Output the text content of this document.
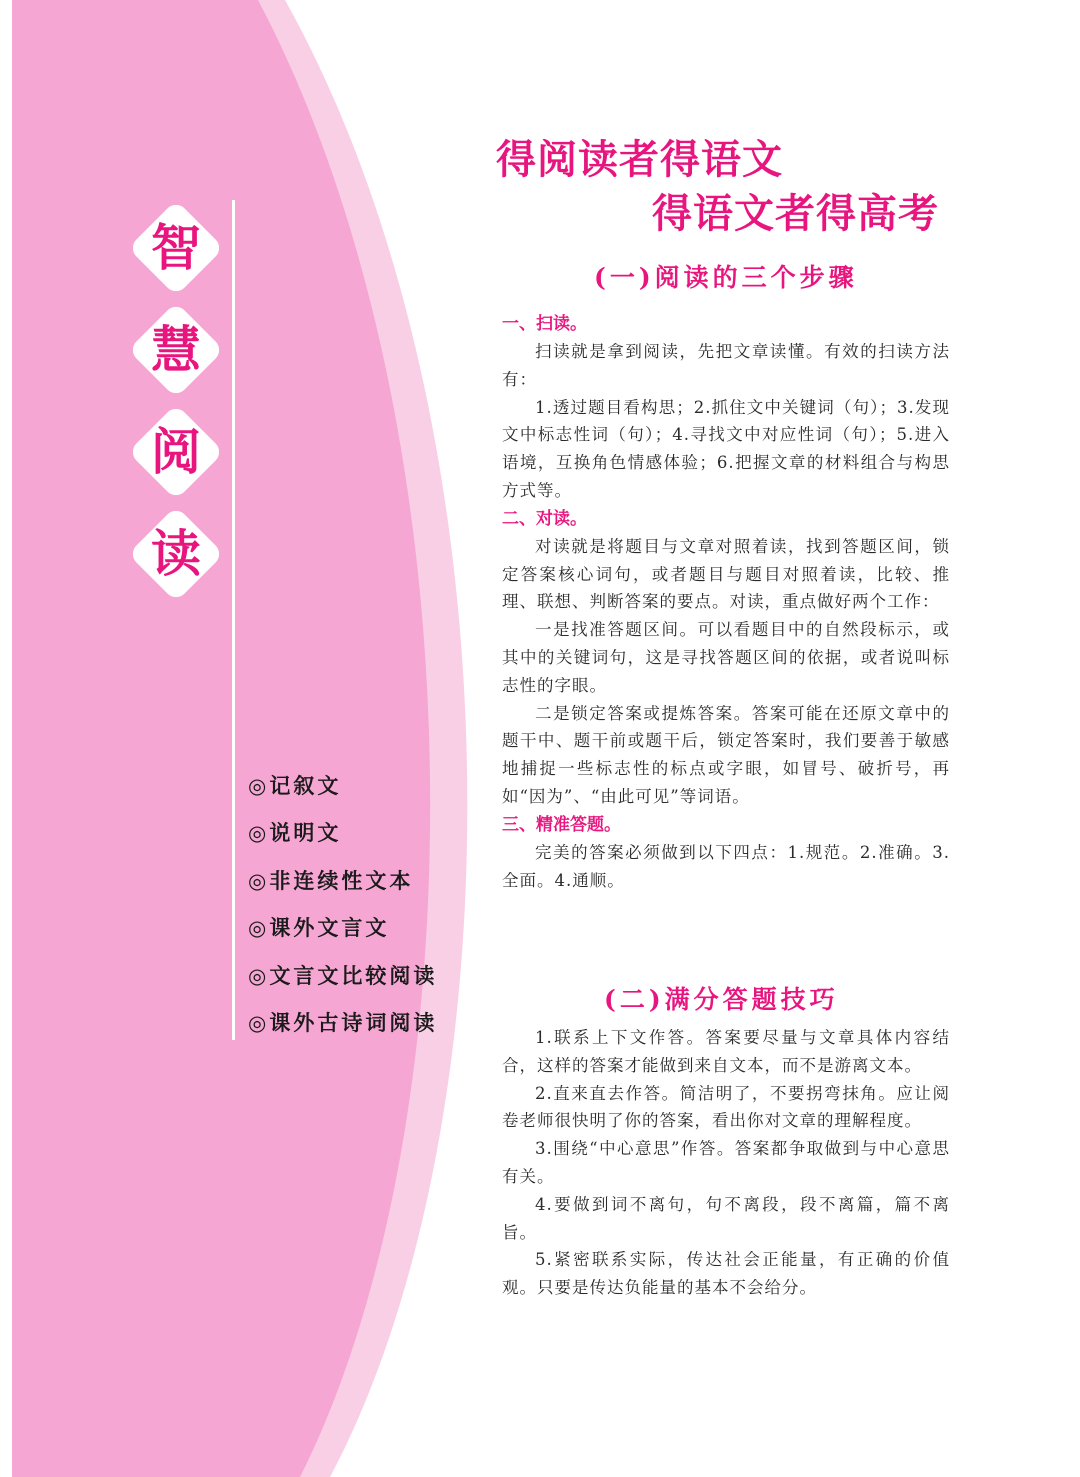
智
慧
阅
读
◎记叙文
◎说明文
◎非连续性文本
◎课外文言文
◎文言文比较阅读
◎课外古诗词阅读
得阅读者得语文
得语文者得高考
(一)阅读的三个步骤
一、扫读。

扫读就是拿到阅读，先把文章读懂。有效的扫读方法有：

1.透过题目看构思；2.抓住文中关键词（句）；3.发现文中标志性词（句）；4.寻找文中对应性词（句）；5.进入语境，互换角色情感体验；6.把握文章的材料组合与构思方式等。

二、对读。

对读就是将题目与文章对照着读，找到答题区间，锁定答案核心词句，或者题目与题目对照着读，比较、推理、联想、判断答案的要点。对读，重点做好两个工作：

一是找准答题区间。可以看题目中的自然段标示，或其中的关键词句，这是寻找答题区间的依据，或者说叫标志性的字眼。

二是锁定答案或提炼答案。答案可能在还原文章中的题干中、题干前或题干后，锁定答案时，我们要善于敏感地捕捉一些标志性的标点或字眼，如冒号、破折号，再如“因为”、“由此可见”等词语。

三、精准答题。

完美的答案必须做到以下四点：1.规范。2.准确。3.全面。4.通顺。

(二)满分答题技巧

1.联系上下文作答。答案要尽量与文章具体内容结合，这样的答案才能做到来自文本，而不是游离文本。

2.直来直去作答。简洁明了，不要拐弯抹角。应让阅卷老师很快明了你的答案，看出你对文章的理解程度。

3.围绕“中心意思”作答。答案都争取做到与中心意思有关。

4.要做到词不离句，句不离段，段不离篇，篇不离旨。

5.紧密联系实际，传达社会正能量，有正确的价值观。只要是传达负能量的基本不会给分。
